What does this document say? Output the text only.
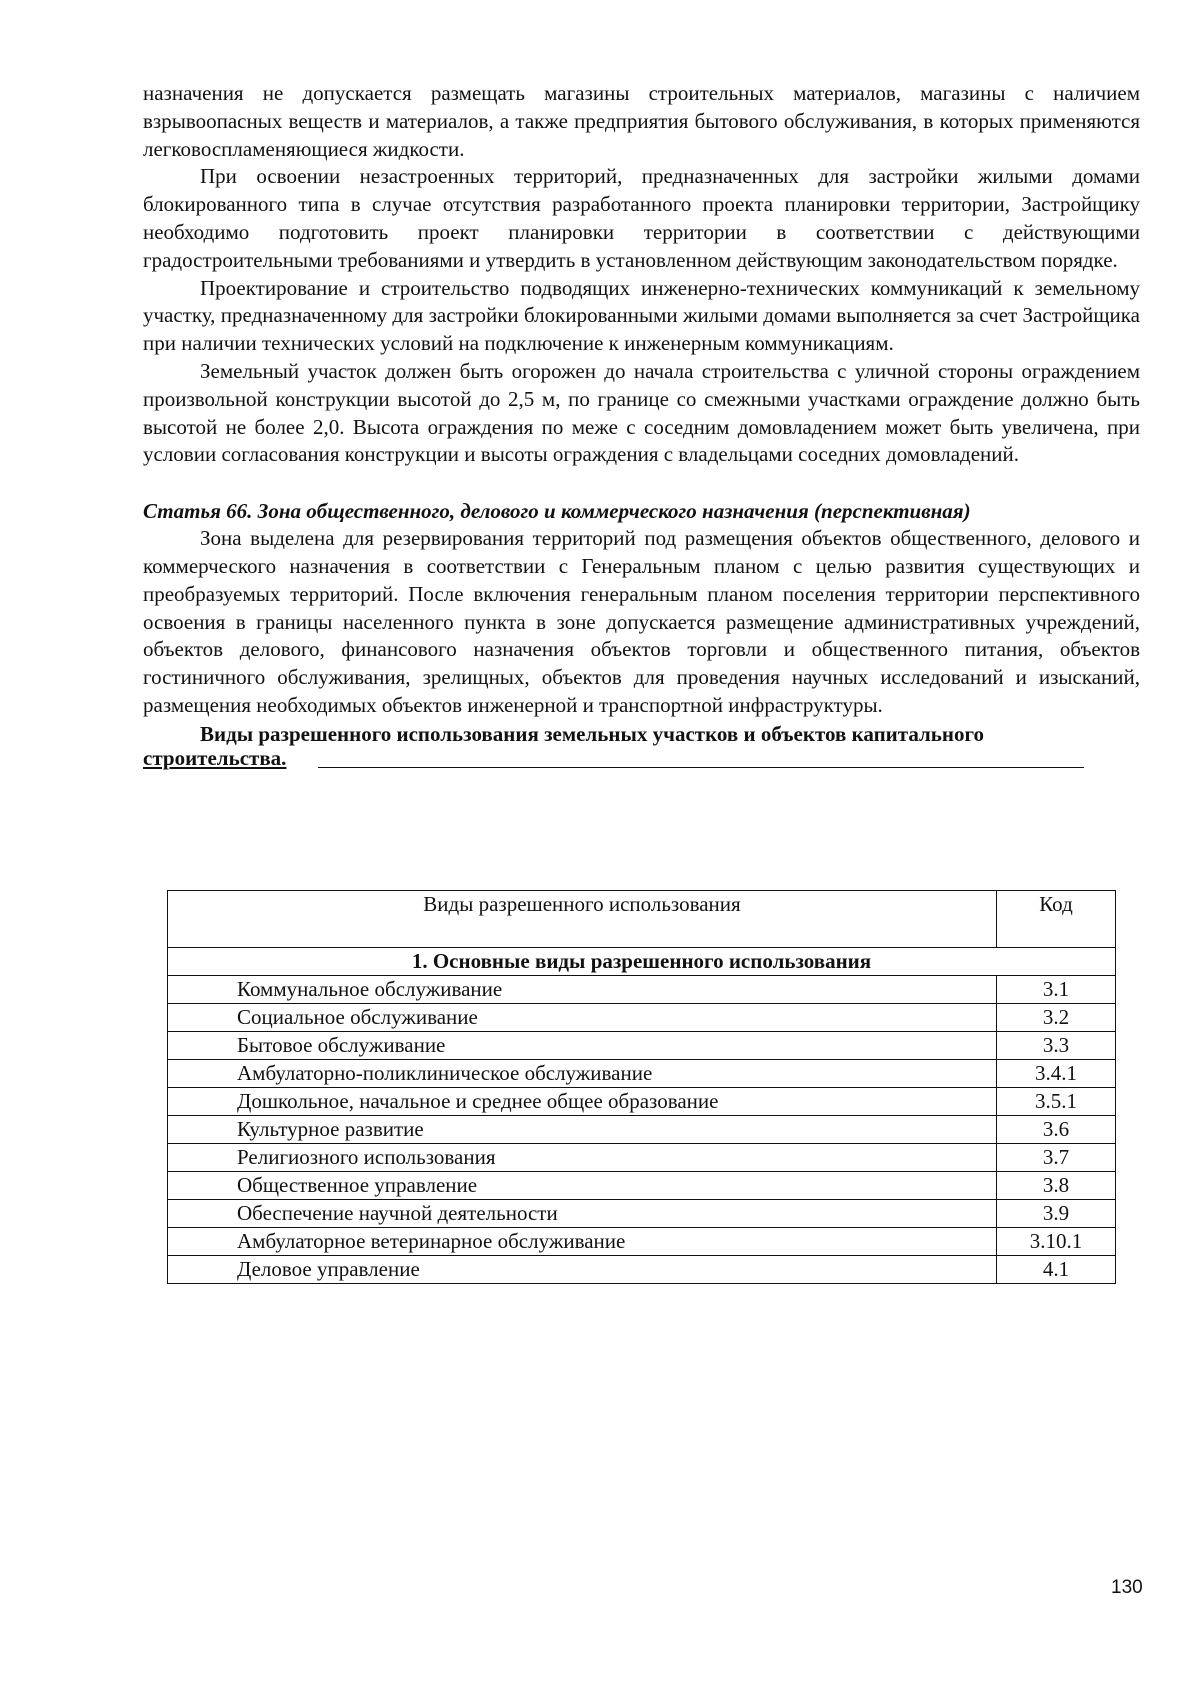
назначения не допускается размещать магазины строительных материалов, магазины с наличием взрывоопасных веществ и материалов, а также предприятия бытового обслуживания, в которых применяются легковоспламеняющиеся жидкости.

При освоении незастроенных территорий, предназначенных для застройки жилыми домами блокированного типа в случае отсутствия разработанного проекта планировки территории, Застройщику необходимо подготовить проект планировки территории в соответствии с действующими градостроительными требованиями и утвердить в установленном действующим законодательством порядке.

Проектирование и строительство подводящих инженерно-технических коммуникаций к земельному участку, предназначенному для застройки блокированными жилыми домами выполняется за счет Застройщика при наличии технических условий на подключение к инженерным коммуникациям.

Земельный участок должен быть огорожен до начала строительства с уличной стороны ограждением произвольной конструкции высотой до 2,5 м, по границе со смежными участками ограждение должно быть высотой не более 2,0. Высота ограждения по меже с соседним домовладением может быть увеличена, при условии согласования конструкции и высоты ограждения с владельцами соседних домовладений.

Статья 66. Зона общественного, делового и коммерческого назначения (перспективная)

Зона выделена для резервирования территорий под размещения объектов общественного, делового и коммерческого назначения в соответствии с Генеральным планом с целью развития существующих и преобразуемых территорий. После включения генеральным планом поселения территории перспективного освоения в границы населенного пункта в зоне допускается размещение административных учреждений, объектов делового, финансового назначения объектов торговли и общественного питания, объектов гостиничного обслуживания, зрелищных, объектов для проведения научных исследований и изысканий, размещения необходимых объектов инженерной и транспортной инфраструктуры.

Виды разрешенного использования земельных участков и объектов капитального

строительства.
Виды разрешенного использования	Код
1. Основные виды разрешенного использования	
Коммунальное обслуживание	3.1
Социальное обслуживание	3.2
Бытовое обслуживание	3.3
Амбулаторно-поликлиническое обслуживание	3.4.1
Дошкольное, начальное и среднее общее образование	3.5.1
Культурное развитие	3.6
Религиозного использования	3.7
Общественное управление	3.8
Обеспечение научной деятельности	3.9
Амбулаторное ветеринарное обслуживание	3.10.1
Деловое управление	4.1
130
